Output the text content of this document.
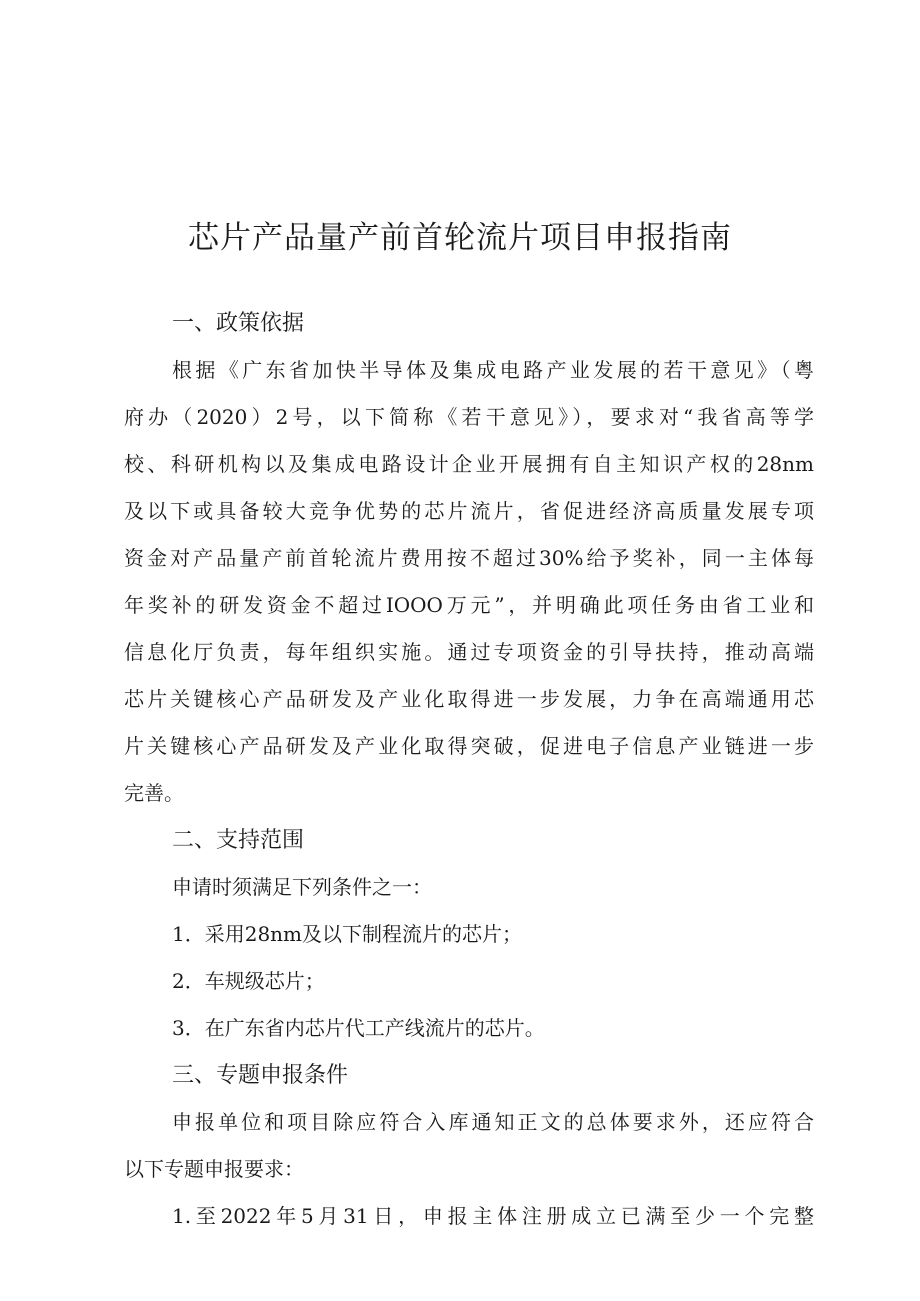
芯片产品量产前首轮流片项目申报指南
一、政策依据
根据《广东省加快半导体及集成电路产业发展的若干意见》（粤
府办（2020）2号，以下简称《若干意见》），要求对“我省高等学
校、科研机构以及集成电路设计企业开展拥有自主知识产权的28nm
及以下或具备较大竞争优势的芯片流片，省促进经济高质量发展专项
资金对产品量产前首轮流片费用按不超过30%给予奖补，同一主体每
年奖补的研发资金不超过IOOO万元”，并明确此项任务由省工业和
信息化厅负责，每年组织实施。通过专项资金的引导扶持，推动高端
芯片关键核心产品研发及产业化取得进一步发展，力争在高端通用芯
片关键核心产品研发及产业化取得突破，促进电子信息产业链进一步
完善。
二、支持范围
申请时须满足下列条件之一：
1．采用28nm及以下制程流片的芯片；
2．车规级芯片；
3．在广东省内芯片代工产线流片的芯片。
三、专题申报条件
申报单位和项目除应符合入库通知正文的总体要求外，还应符合
以下专题申报要求：
1.至2022年5月31日，申报主体注册成立已满至少一个完整
